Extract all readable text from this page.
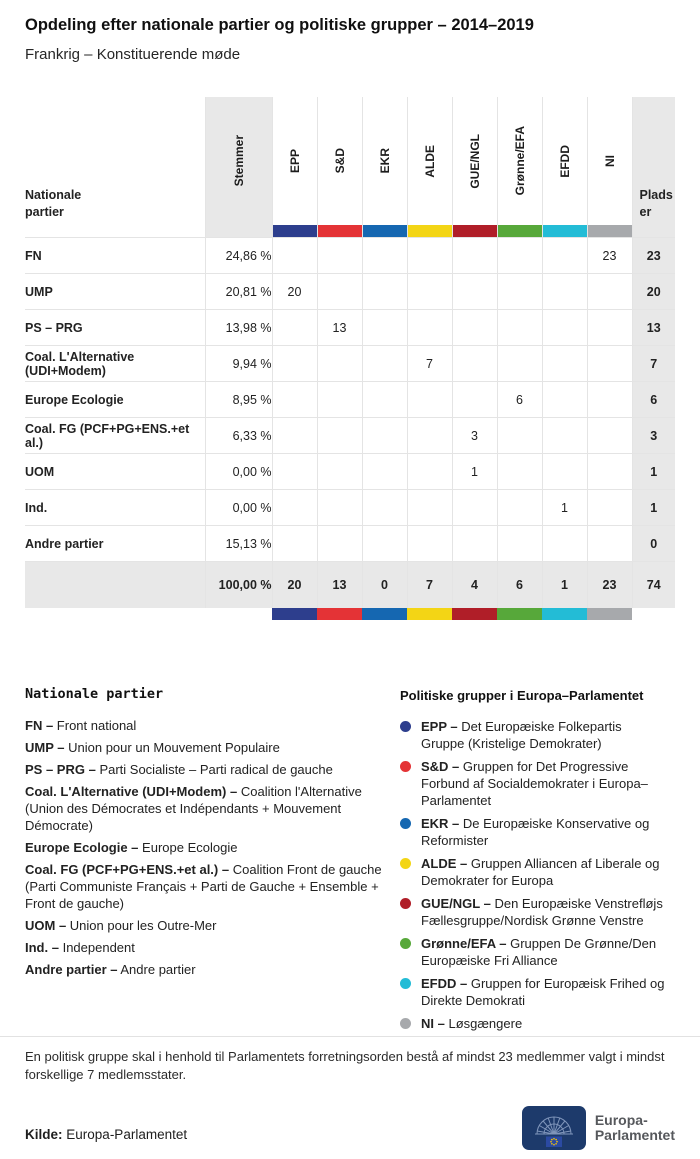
Opdeling efter nationale partier og politiske grupper – 2014–2019
Frankrig – Konstituerende møde
Nationale partier	Stemmer	EPP	S&D	EKR	ALDE	GUE/NGL	Grønne/EFA	EFDD	NI	Pladser

FN	24,86 %								23	23
UMP	20,81 %	20								20
PS – PRG	13,98 %		13							13
Coal. L'Alternative (UDI+Modem)	9,94 %				7					7
Europe Ecologie	8,95 %						6			6
Coal. FG (PCF+PG+ENS.+et al.)	6,33 %					3				3
UOM	0,00 %					1				1
Ind.	0,00 %							1		1
Andre partier	15,13 %									0
	100,00 %	20	13	0	7	4	6	1	23	74

Nationale partier
FN – Front national
UMP – Union pour un Mouvement Populaire
PS – PRG – Parti Socialiste – Parti radical de gauche
Coal. L'Alternative (UDI+Modem) – Coalition l'Alternative (Union des Démocrates et Indépendants + Mouvement Démocrate)
Europe Ecologie – Europe Ecologie
Coal. FG (PCF+PG+ENS.+et al.) – Coalition Front de gauche (Parti Communiste Français + Parti de Gauche + Ensemble + Front de gauche)
UOM – Union pour les Outre-Mer
Ind. – Independent
Andre partier – Andre partier
Politiske grupper i Europa–Parlamentet
EPP – Det Europæiske Folkepartis Gruppe (Kristelige Demokrater)
S&D – Gruppen for Det Progressive Forbund af Socialdemokrater i Europa–Parlamentet
EKR – De Europæiske Konservative og Reformister
ALDE – Gruppen Alliancen af Liberale og Demokrater for Europa
GUE/NGL – Den Europæiske Venstrefløjs Fællesgruppe/Nordisk Grønne Venstre
Grønne/EFA – Gruppen De Grønne/Den Europæiske Fri Alliance
EFDD – Gruppen for Europæisk Frihed og Direkte Demokrati
NI – Løsgængere
En politisk gruppe skal i henhold til Parlamentets forretningsorden bestå af mindst 23 medlemmer valgt i mindst forskellige 7 medlemsstater.
Kilde: Europa-Parlamentet
Europa-
Parlamentet
